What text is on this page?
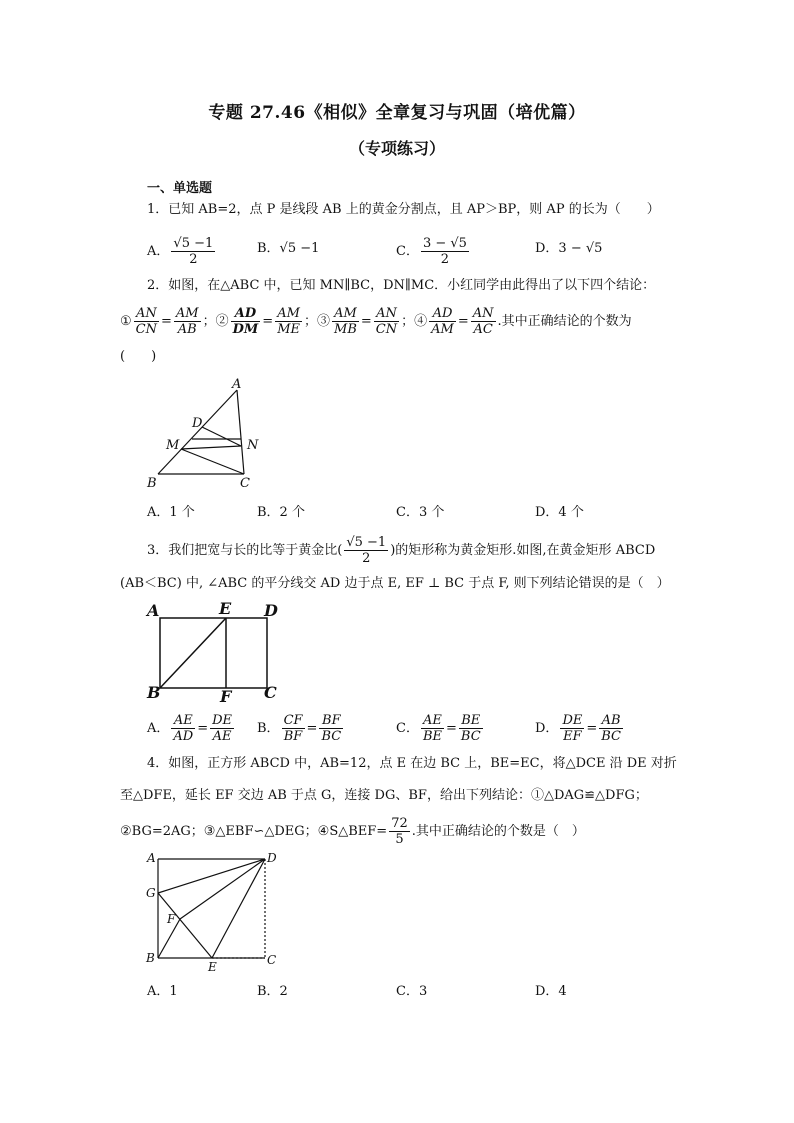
专题 27.46《相似》全章复习与巩固（培优篇）
（专项练习）
一、单选题
1．已知 AB=2，点 P 是线段 AB 上的黄金分割点，且 AP＞BP，则 AP 的长为（　　）
A． $\frac{√5 -1}{2}$	B．√5 −1	C． $\frac{3 - √5}{2}$	D．3 − √5
2．如图，在△ABC 中，已知 MN∥BC，DN∥MC．小红同学由此得出了以下四个结论：
① $\frac{AN}{CN} = \frac{AM}{AB}$ ；② $\frac{AD}{DM} = \frac{AM}{ME}$ ；③ $\frac{AM}{MB} = \frac{AN}{CN}$ ；④ $\frac{AD}{AM} = \frac{AN}{AC}$ .其中正确结论的个数为
(　　)
A
D
M	N
B	C
A．1 个	B．2 个	C．3 个	D．4 个
3．我们把宽与长的比等于黄金比( $\frac{√5 -1}{2}$ )的矩形称为黄金矩形.如图,在黄金矩形 ABCD
(AB＜BC) 中, ∠ABC 的平分线交 AD 边于点 E, EF ⊥ BC 于点 F, 则下列结论错误的是（　）
A	E D
B	F C
A． $\frac{AE}{AD} = \frac{DE}{AE}$ B． $\frac{CF}{BF} = \frac{BF}{BC}$	C． $\frac{AE}{BE} = \frac{BE}{BC}$	D． $\frac{DE}{EF} = \frac{AB}{BC}$
4．如图，正方形 ABCD 中，AB=12，点 E 在边 BC 上，BE=EC，将△DCE 沿 DE 对折
至△DFE，延长 EF 交边 AB 于点 G，连接 DG、BF，给出下列结论：①△DAG≌△DFG；
②BG=2AG；③△EBF∽△DEG；④S△BEF= $\frac{72}{5}$ .其中正确结论的个数是（　）
A	D
G
F
B
E	C
A．1	B．2	C．3	D．4
